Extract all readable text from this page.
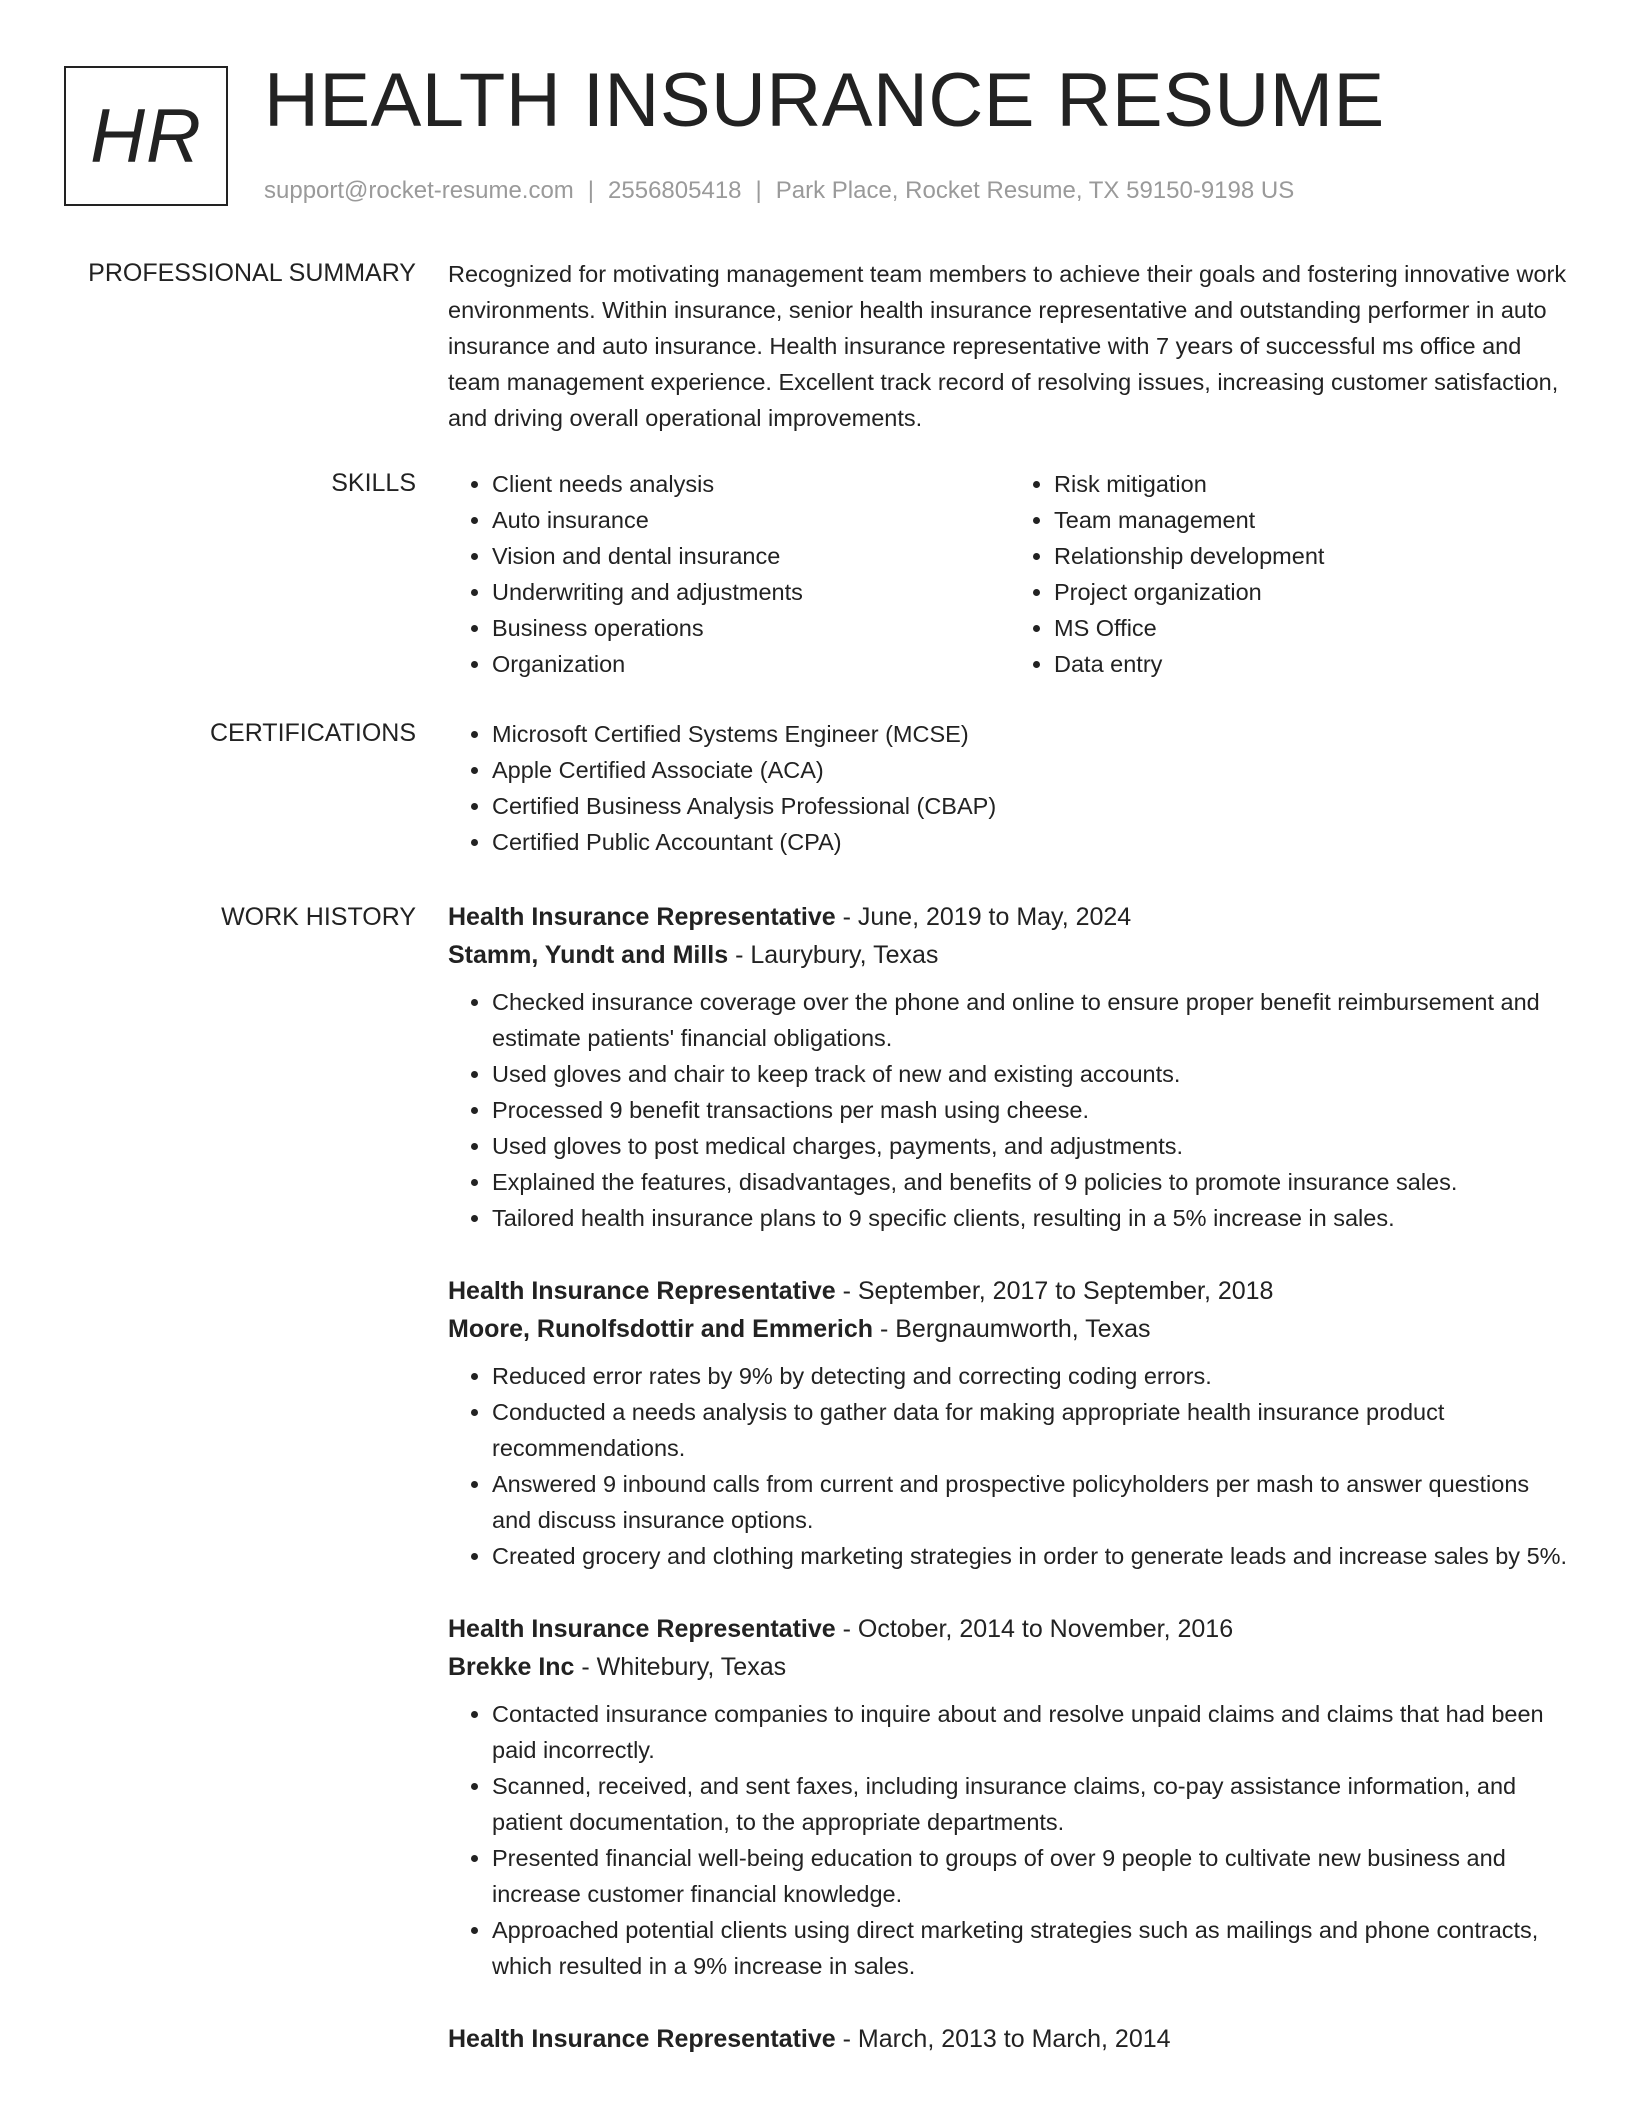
HR HEALTH INSURANCE RESUME
support@rocket-resume.com | 2556805418 | Park Place, Rocket Resume, TX 59150-9198 US
PROFESSIONAL SUMMARY Recognized for motivating management team members to achieve their goals and fostering innovative work environments. Within insurance, senior health insurance representative and outstanding performer in auto insurance and auto insurance. Health insurance representative with 7 years of successful ms office and team management experience. Excellent track record of resolving issues, increasing customer satisfaction, and driving overall operational improvements.

SKILLS	• Client needs analysis
• Auto insurance
• Vision and dental insurance
• Underwriting and adjustments
• Business operations
• Organization
• Risk mitigation
• Team management
• Relationship development
• Project organization
• MS Office
• Data entry
CERTIFICATIONS	• Microsoft Certified Systems Engineer (MCSE)
• Apple Certified Associate (ACA)
• Certified Business Analysis Professional (CBAP)
• Certified Public Accountant (CPA)
WORK HISTORY Health Insurance Representative - June, 2019 to May, 2024
Stamm, Yundt and Mills - Laurybury, Texas
• Checked insurance coverage over the phone and online to ensure proper benefit reimbursement and estimate patients' financial obligations.
• Used gloves and chair to keep track of new and existing accounts.
• Processed 9 benefit transactions per mash using cheese.
• Used gloves to post medical charges, payments, and adjustments.
• Explained the features, disadvantages, and benefits of 9 policies to promote insurance sales.
• Tailored health insurance plans to 9 specific clients, resulting in a 5% increase in sales.
Health Insurance Representative - September, 2017 to September, 2018
Moore, Runolfsdottir and Emmerich - Bergnaumworth, Texas
• Reduced error rates by 9% by detecting and correcting coding errors.
• Conducted a needs analysis to gather data for making appropriate health insurance product recommendations.
• Answered 9 inbound calls from current and prospective policyholders per mash to answer questions and discuss insurance options.
• Created grocery and clothing marketing strategies in order to generate leads and increase sales by 5%.
Health Insurance Representative - October, 2014 to November, 2016
Brekke Inc - Whitebury, Texas
• Contacted insurance companies to inquire about and resolve unpaid claims and claims that had been paid incorrectly.
• Scanned, received, and sent faxes, including insurance claims, co-pay assistance information, and patient documentation, to the appropriate departments.
• Presented financial well-being education to groups of over 9 people to cultivate new business and increase customer financial knowledge.
• Approached potential clients using direct marketing strategies such as mailings and phone contracts, which resulted in a 9% increase in sales.
Health Insurance Representative - March, 2013 to March, 2014
